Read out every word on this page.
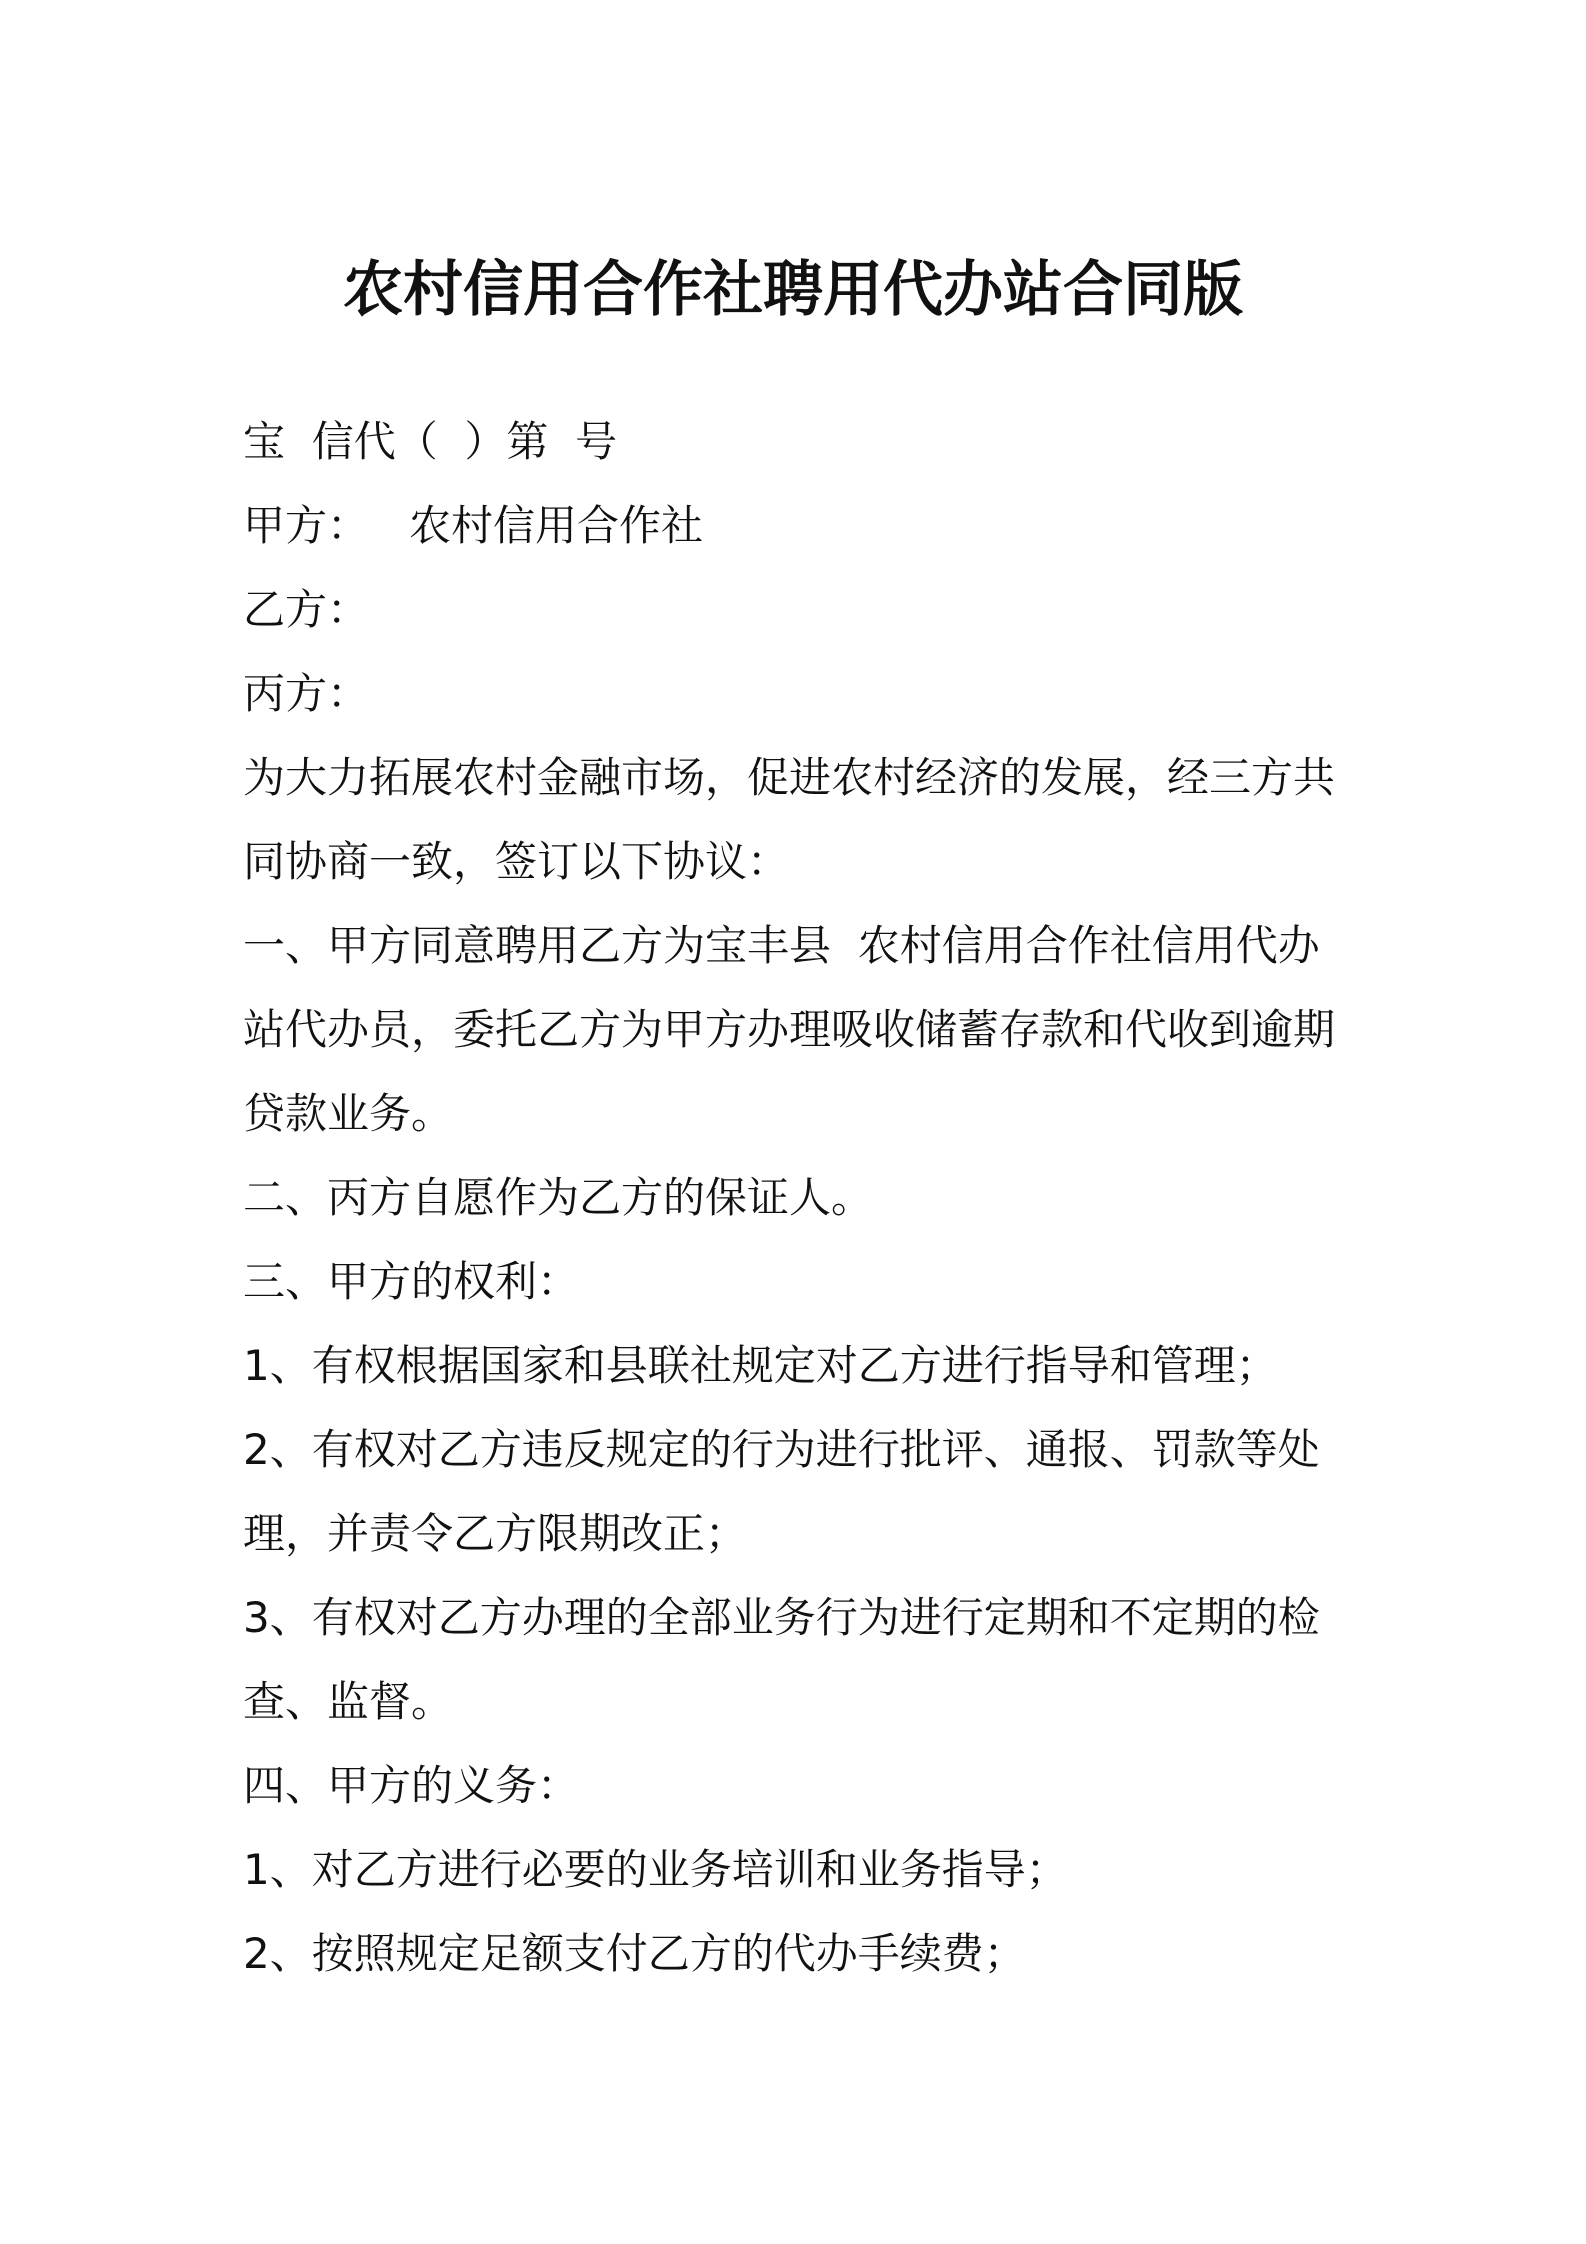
农村信用合作社聘用代办站合同版

宝  信代（  ）第  号

甲方：   农村信用合作社

乙方：

丙方：

为大力拓展农村金融市场，促进农村经济的发展，经三方共

同协商一致，签订以下协议：

一、甲方同意聘用乙方为宝丰县  农村信用合作社信用代办

站代办员，委托乙方为甲方办理吸收储蓄存款和代收到逾期

贷款业务。

二、丙方自愿作为乙方的保证人。

三、甲方的权利：

1、有权根据国家和县联社规定对乙方进行指导和管理；

2、有权对乙方违反规定的行为进行批评、通报、罚款等处

理，并责令乙方限期改正；

3、有权对乙方办理的全部业务行为进行定期和不定期的检

查、监督。

四、甲方的义务：

1、对乙方进行必要的业务培训和业务指导；

2、按照规定足额支付乙方的代办手续费；
